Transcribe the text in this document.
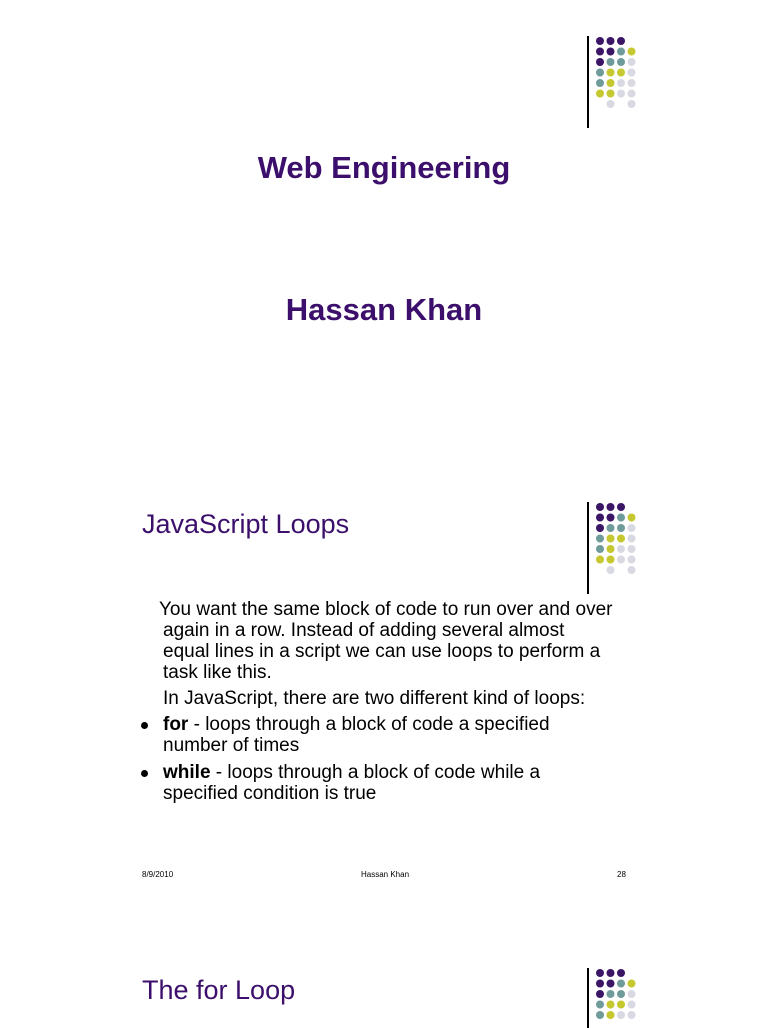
Web Engineering
Hassan Khan
JavaScript Loops

You want the same block of code to run over and over again in a row. Instead of adding several almost equal lines in a script we can use loops to perform a task like this.

In JavaScript, there are two different kind of loops:

for - loops through a block of code a specified number of times
while - loops through a block of code while a specified condition is true
8/9/2010	Hassan Khan	28
The for Loop
